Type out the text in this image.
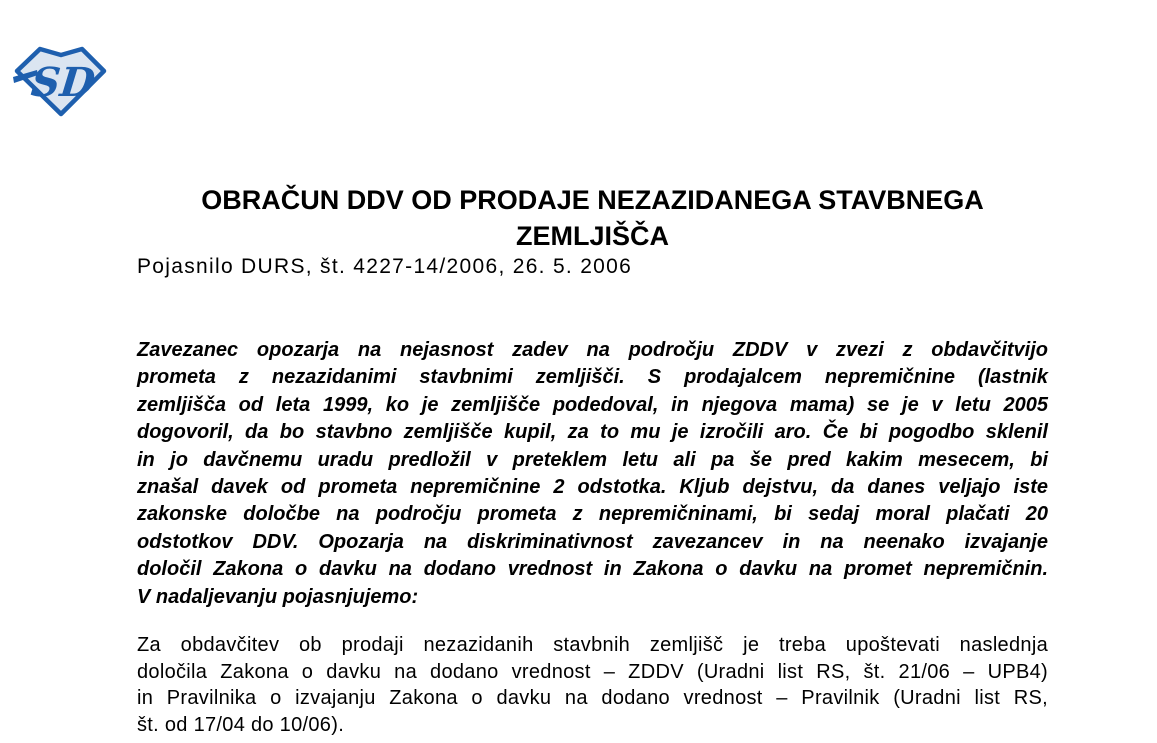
SD
OBRAČUN DDV OD PRODAJE NEZAZIDANEGA STAVBNEGA
ZEMLJIŠČA
Pojasnilo DURS, št. 4227-14/2006, 26. 5. 2006
Zavezanec opozarja na nejasnost zadev na področju ZDDV v zvezi z obdavčitvijo
prometa z nezazidanimi stavbnimi zemljišči. S prodajalcem nepremičnine (lastnik
zemljišča od leta 1999, ko je zemljišče podedoval, in njegova mama) se je v letu 2005
dogovoril, da bo stavbno zemljišče kupil, za to mu je izročili aro. Če bi pogodbo sklenil
in jo davčnemu uradu predložil v preteklem letu ali pa še pred kakim mesecem, bi
znašal davek od prometa nepremičnine 2 odstotka. Kljub dejstvu, da danes veljajo iste
zakonske določbe na področju prometa z nepremičninami, bi sedaj moral plačati 20
odstotkov DDV. Opozarja na diskriminativnost zavezancev in na neenako izvajanje
določil Zakona o davku na dodano vrednost in Zakona o davku na promet nepremičnin.
V nadaljevanju pojasnjujemo:
Za obdavčitev ob prodaji nezazidanih stavbnih zemljišč je treba upoštevati naslednja
določila Zakona o davku na dodano vrednost – ZDDV (Uradni list RS, št. 21/06 – UPB4)
in Pravilnika o izvajanju Zakona o davku na dodano vrednost – Pravilnik (Uradni list RS,
št. od 17/04 do 10/06).
